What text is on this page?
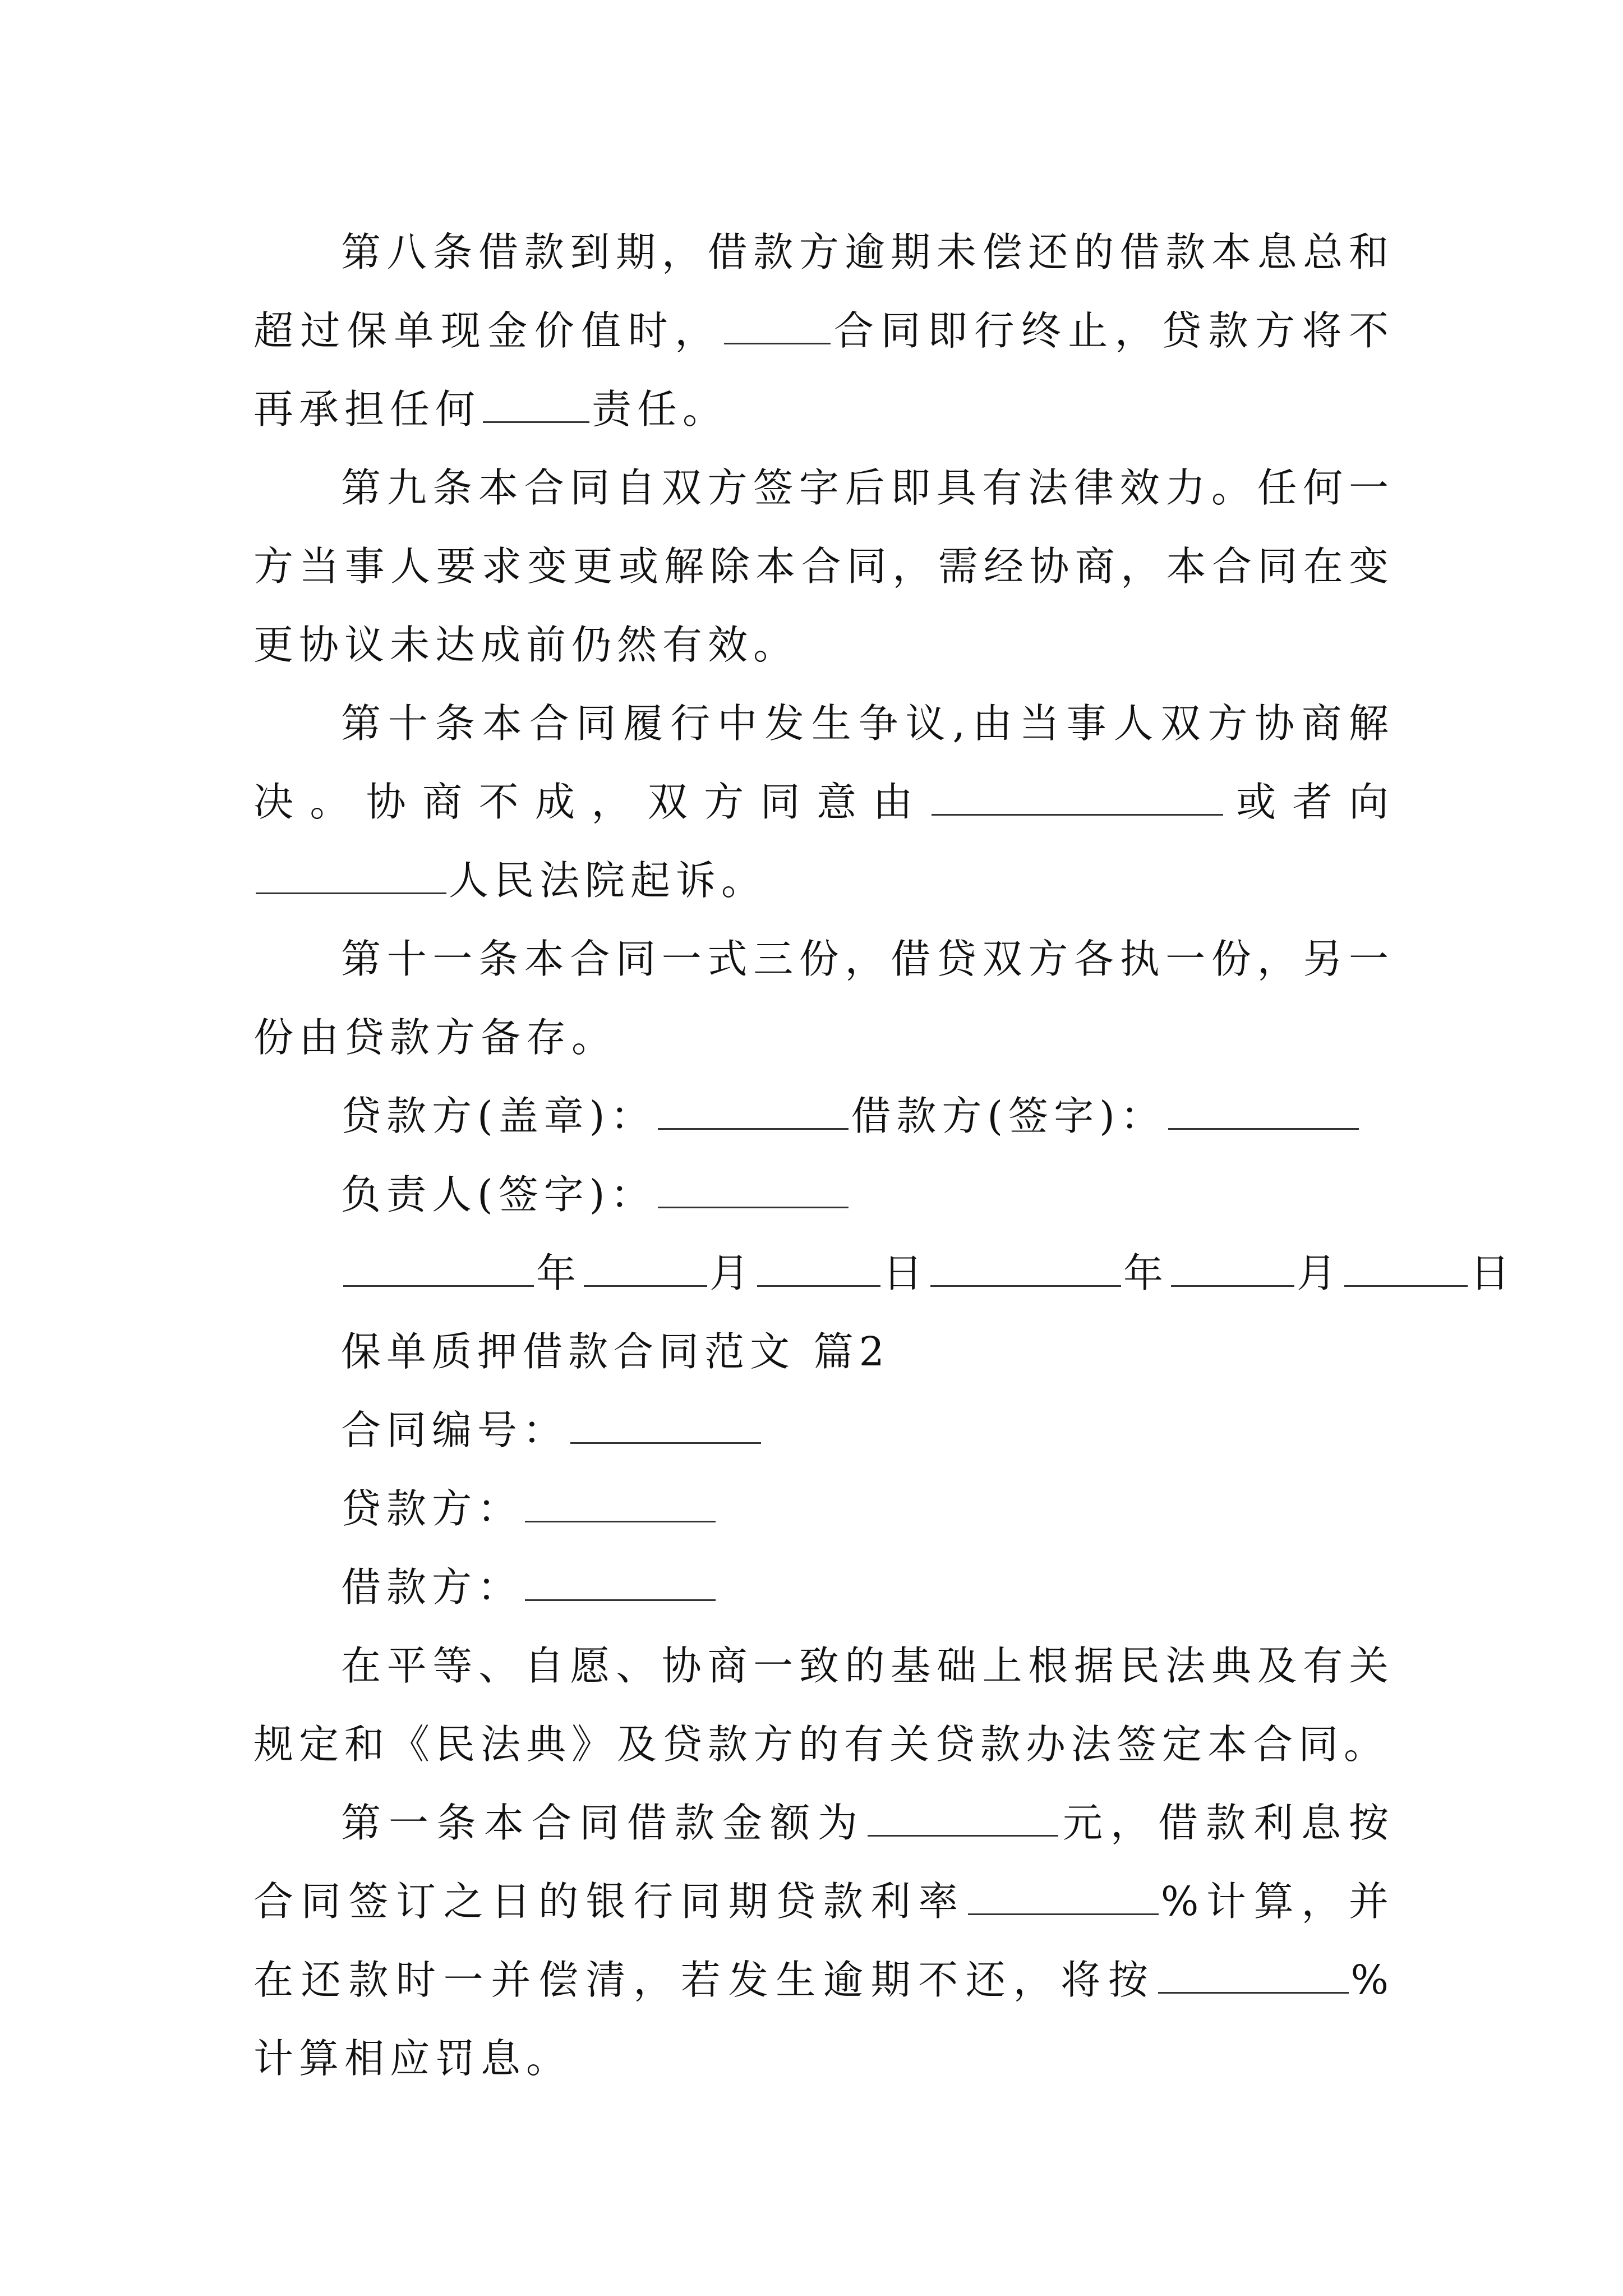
第八条借款到期，借款方逾期未偿还的借款本息总和超过保单现金价值时，	合同即行终止，贷款方将不再承担任何	责任。

第九条本合同自双方签字后即具有法律效力。任何一方当事人要求变更或解除本合同，需经协商，本合同在变更协议未达成前仍然有效。

第十条本合同履行中发生争议,由当事人双方协商解决。协商不成，双方同意由	或者向人民法院起诉。

第十一条本合同一式三份，借贷双方各执一份，另一份由贷款方备存。

贷款方(盖章)：	借款方(签字)：

负责人(签字)：

年	月	日	年	月	日

保单质押借款合同范文 篇2

合同编号：

贷款方：

借款方：

在平等、自愿、协商一致的基础上根据民法典及有关规定和《民法典》及贷款方的有关贷款办法签定本合同。

第一条本合同借款金额为	元，借款利息按合同签订之日的银行同期贷款利率	%计算，并在还款时一并偿清，若发生逾期不还，将按	%计算相应罚息。
